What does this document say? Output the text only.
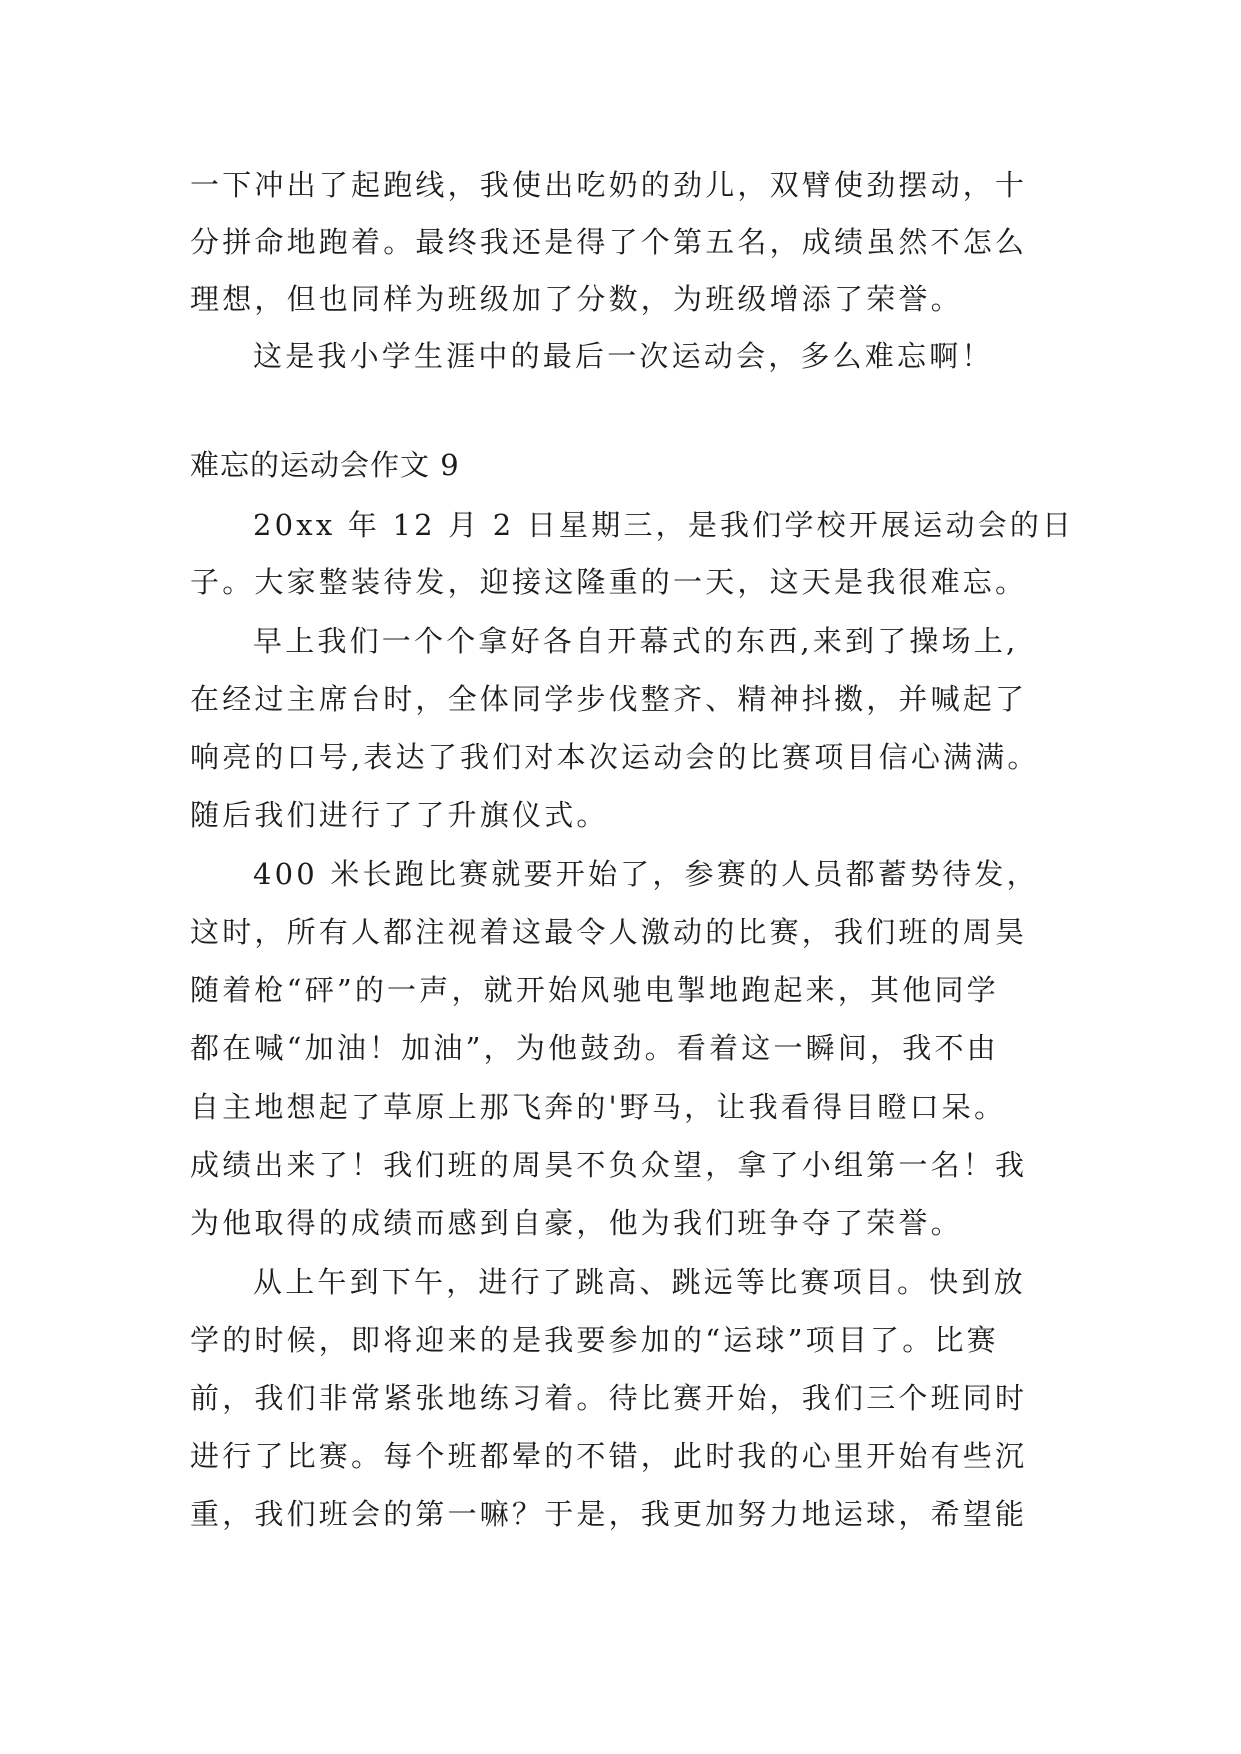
一下冲出了起跑线，我使出吃奶的劲儿，双臂使劲摆动，十
分拼命地跑着。最终我还是得了个第五名，成绩虽然不怎么
理想，但也同样为班级加了分数，为班级增添了荣誉。
这是我小学生涯中的最后一次运动会，多么难忘啊！
难忘的运动会作文 9
20xx 年 12 月 2 日星期三，是我们学校开展运动会的日
子。大家整装待发，迎接这隆重的一天，这天是我很难忘。
早上我们一个个拿好各自开幕式的东西,来到了操场上,
在经过主席台时，全体同学步伐整齐、精神抖擞，并喊起了
响亮的口号,表达了我们对本次运动会的比赛项目信心满满。
随后我们进行了了升旗仪式。
400 米长跑比赛就要开始了，参赛的人员都蓄势待发，
这时，所有人都注视着这最令人激动的比赛，我们班的周昊
随着枪“砰”的一声，就开始风驰电掣地跑起来，其他同学
都在喊“加油！加油”，为他鼓劲。看着这一瞬间，我不由
自主地想起了草原上那飞奔的'野马，让我看得目瞪口呆。
成绩出来了！我们班的周昊不负众望，拿了小组第一名！我
为他取得的成绩而感到自豪，他为我们班争夺了荣誉。
从上午到下午，进行了跳高、跳远等比赛项目。快到放
学的时候，即将迎来的是我要参加的“运球”项目了。比赛
前，我们非常紧张地练习着。待比赛开始，我们三个班同时
进行了比赛。每个班都晕的不错，此时我的心里开始有些沉
重，我们班会的第一嘛？于是，我更加努力地运球，希望能
